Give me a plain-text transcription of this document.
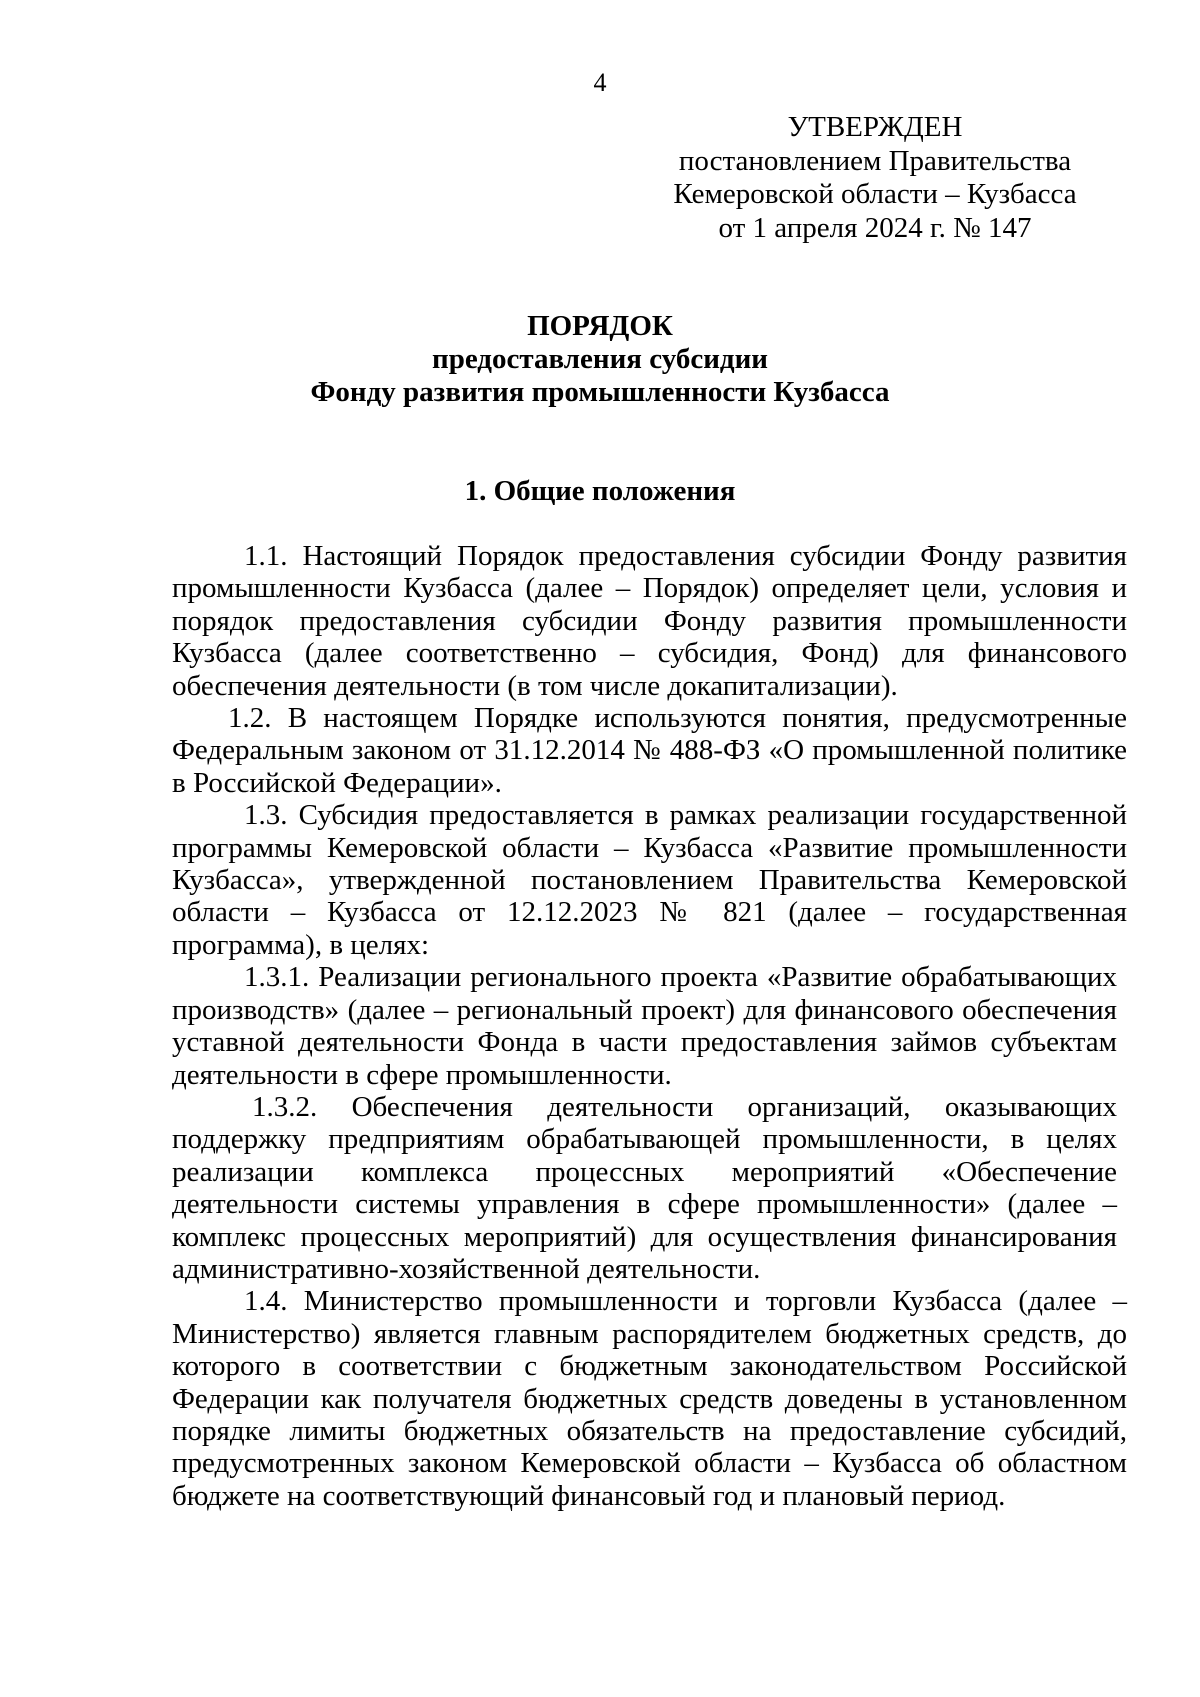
4
УТВЕРЖДЕН
постановлением Правительства
Кемеровской области – Кузбасса
от 1 апреля 2024 г. № 147
ПОРЯДОК
предоставления субсидии
Фонду развития промышленности Кузбасса
1. Общие положения

1.1. Настоящий Порядок предоставления субсидии Фонду развития промышленности Кузбасса (далее – Порядок) определяет цели, условия и порядок предоставления субсидии Фонду развития промышленности Кузбасса (далее соответственно – субсидия, Фонд) для финансового обеспечения деятельности (в том числе докапитализации).

1.2. В настоящем Порядке используются понятия, предусмотренные Федеральным законом от 31.12.2014 № 488-ФЗ «О промышленной политике в Российской Федерации».

1.3. Субсидия предоставляется в рамках реализации государственной программы Кемеровской области – Кузбасса «Развитие промышленности Кузбасса», утвержденной постановлением Правительства Кемеровской области – Кузбасса от 12.12.2023 № 821 (далее – государственная программа), в целях:

1.3.1. Реализации регионального проекта «Развитие обрабатывающих производств» (далее – региональный проект) для финансового обеспечения уставной деятельности Фонда в части предоставления займов субъектам деятельности в сфере промышленности.

1.3.2. Обеспечения деятельности организаций, оказывающих поддержку предприятиям обрабатывающей промышленности, в целях реализации комплекса процессных мероприятий «Обеспечение деятельности системы управления в сфере промышленности» (далее – комплекс процессных мероприятий) для осуществления финансирования административно-хозяйственной деятельности.

1.4. Министерство промышленности и торговли Кузбасса (далее – Министерство) является главным распорядителем бюджетных средств, до которого в соответствии с бюджетным законодательством Российской Федерации как получателя бюджетных средств доведены в установленном порядке лимиты бюджетных обязательств на предоставление субсидий, предусмотренных законом Кемеровской области – Кузбасса об областном бюджете на соответствующий финансовый год и плановый период.
